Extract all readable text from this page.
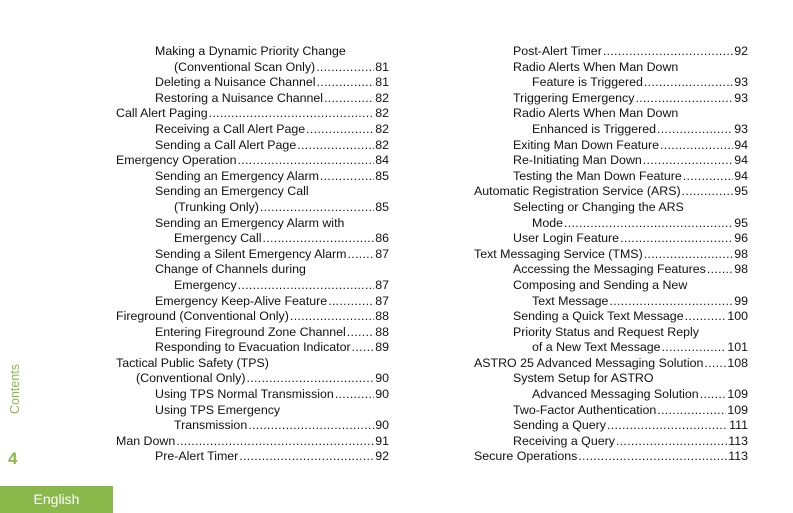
Making a Dynamic Priority Change
(Conventional Scan Only) .....	81
Deleting a Nuisance Channel .....	81
Restoring a Nuisance Channel .....	82
Call Alert Paging .....	82
Receiving a Call Alert Page .....	82
Sending a Call Alert Page .....	82
Emergency Operation .....	84
Sending an Emergency Alarm .....	85
Sending an Emergency Call
(Trunking Only) .....	85
Sending an Emergency Alarm with
Emergency Call .....	86
Sending a Silent Emergency Alarm ..... 87
Change of Channels during
Emergency .....	87
Emergency Keep-Alive Feature .....	87
Fireground (Conventional Only) .....	88
Entering Fireground Zone Channel ..... 88
Responding to Evacuation Indicator ..... 89
Tactical Public Safety (TPS)
(Conventional Only) .....	90
Using TPS Normal Transmission .....	90
Using TPS Emergency
Transmission .....	90
Man Down .....	91
Pre-Alert Timer .....	92
Post-Alert Timer .....	92
Radio Alerts When Man Down
Feature is Triggered .....	93
Triggering Emergency .....	93
Radio Alerts When Man Down
Enhanced is Triggered .....	93
Exiting Man Down Feature .....	94
Re-Initiating Man Down .....	94
Testing the Man Down Feature .....	94
Automatic Registration Service (ARS) .....	95
Selecting or Changing the ARS
Mode .....	95
User Login Feature .....	96
Text Messaging Service (TMS) .....	98
Accessing the Messaging Features ..... 98
Composing and Sending a New
Text Message .....	99
Sending a Quick Text Message .....	100
Priority Status and Request Reply
of a New Text Message .....	101
ASTRO 25 Advanced Messaging Solution ..... 108
System Setup for ASTRO
Advanced Messaging Solution ..... 109
Two-Factor Authentication .....	109
Sending a Query .....	111
Receiving a Query .....	113
Secure Operations .....	113
Contents
4
English
